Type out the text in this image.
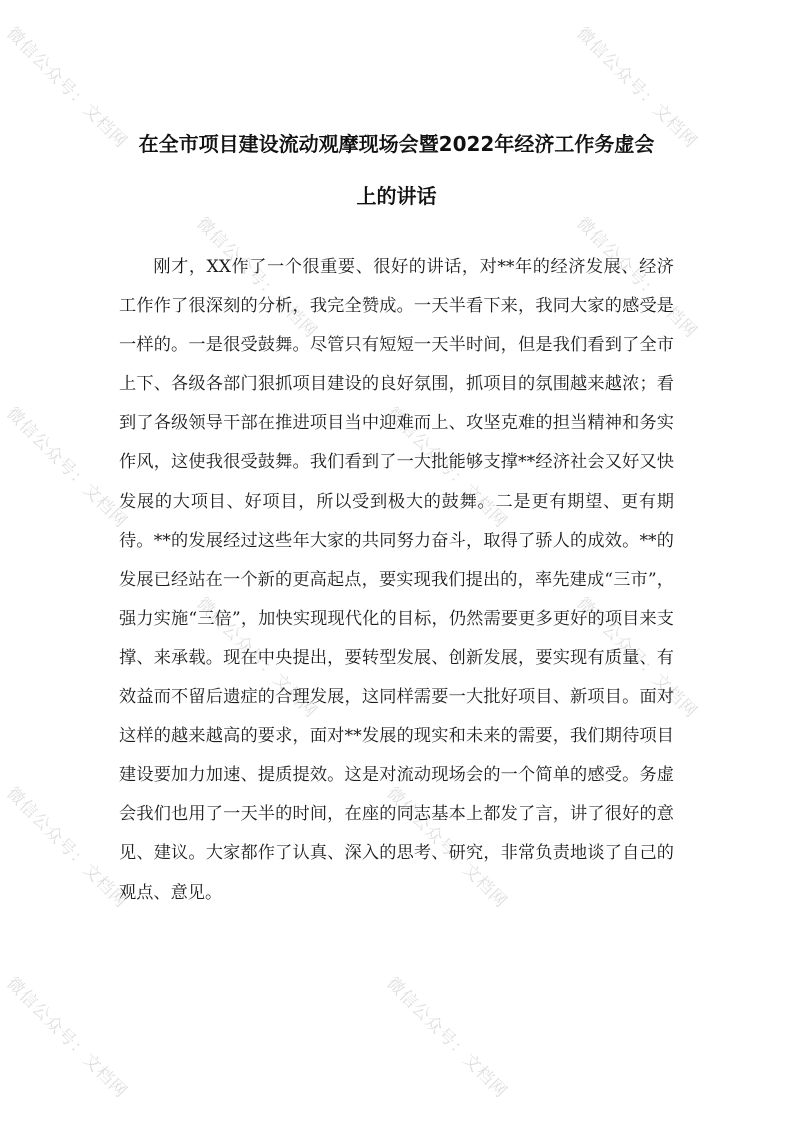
微信公众号：文档网	微信公众号：文档网
微信公众号：文档网	微信公众号：文档网
微信公众号：文档网	微信公众号：文档网
微信公众号：文档网	微信公众号：文档网
微信公众号：文档网	微信公众号：文档网
微信公众号：文档网	微信公众号：文档网
在全市项目建设流动观摩现场会暨2022年经济工作务虚会
上的讲话

刚才，XX作了一个很重要、很好的讲话，对**年的经济发展、经济工作作了很深刻的分析，我完全赞成。一天半看下来，我同大家的感受是一样的。一是很受鼓舞。尽管只有短短一天半时间，但是我们看到了全市上下、各级各部门狠抓项目建设的良好氛围，抓项目的氛围越来越浓；看到了各级领导干部在推进项目当中迎难而上、攻坚克难的担当精神和务实作风，这使我很受鼓舞。我们看到了一大批能够支撑**经济社会又好又快发展的大项目、好项目，所以受到极大的鼓舞。二是更有期望、更有期待。**的发展经过这些年大家的共同努力奋斗，取得了骄人的成效。**的发展已经站在一个新的更高起点，要实现我们提出的，率先建成“三市”，强力实施“三倍”，加快实现现代化的目标，仍然需要更多更好的项目来支撑、来承载。现在中央提出，要转型发展、创新发展，要实现有质量、有效益而不留后遗症的合理发展，这同样需要一大批好项目、新项目。面对这样的越来越高的要求，面对**发展的现实和未来的需要，我们期待项目建设要加力加速、提质提效。这是对流动现场会的一个简单的感受。务虚会我们也用了一天半的时间，在座的同志基本上都发了言，讲了很好的意见、建议。大家都作了认真、深入的思考、研究，非常负责地谈了自己的观点、意见。
